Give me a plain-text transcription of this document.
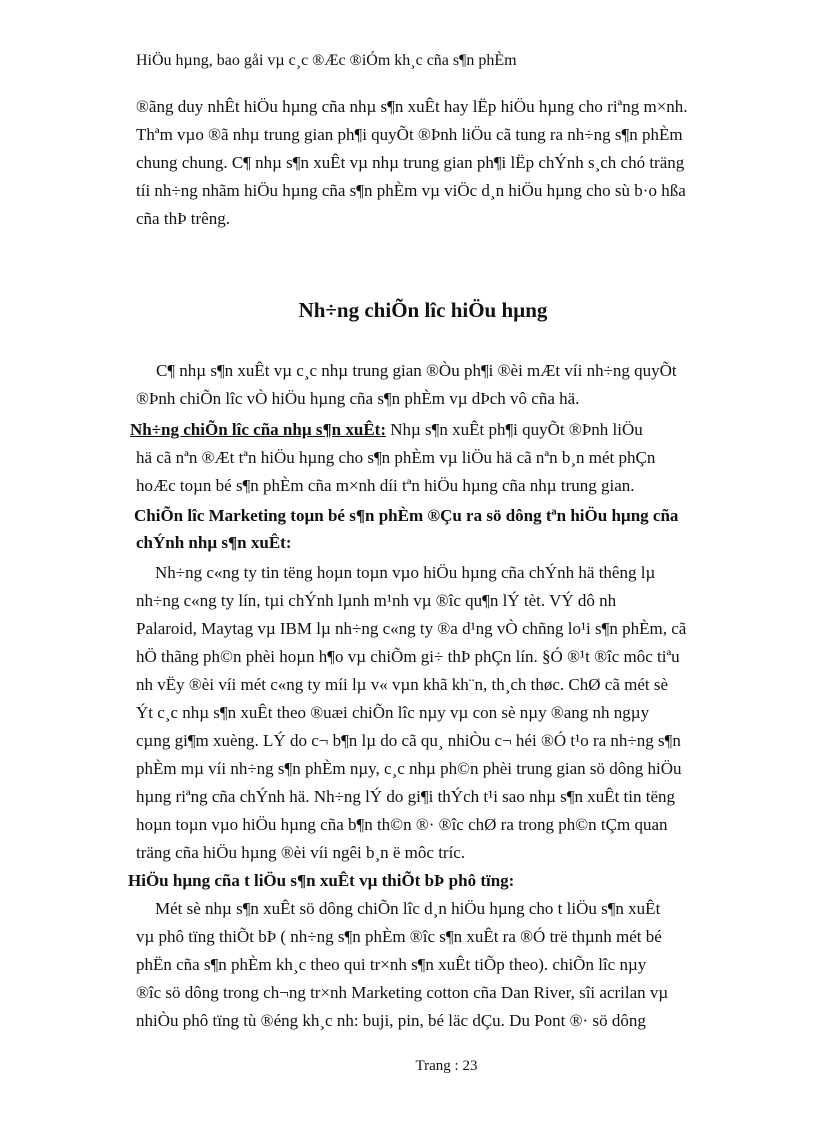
HiÖu hµng, bao gåi vµ c¸c ®Æc ®iÓm kh¸c cña s¶n phÈm
®ãng duy nhÊt hiÖu hµng cña nhµ s¶n xuÊt hay lËp hiÖu hµng cho riªng m×nh.
Thªm vµo ®ã nhµ trung gian ph¶i quyÕt ®Þnh liÖu cã tung ra nh÷ng s¶n phÈm
chung chung. C¶ nhµ s¶n xuÊt vµ nhµ trung gian ph¶i lËp chÝnh s¸ch chó träng
tíi nh÷ng nhãm hiÖu hµng cña s¶n phÈm vµ viÖc d¸n hiÖu hµng cho sù b·o hßa
cña thÞ trêng.
Nh÷ng chiÕn lîc hiÖu hµng
C¶ nhµ s¶n xuÊt vµ c¸c nhµ trung gian ®Òu ph¶i ®èi mÆt víi nh÷ng quyÕt
®Þnh chiÕn lîc vÒ hiÖu hµng cña s¶n phÈm vµ dÞch vô cña hä.
Nh÷ng chiÕn lîc cña nhµ s¶n xuÊt: Nhµ s¶n xuÊt ph¶i quyÕt ®Þnh liÖu
hä cã nªn ®Æt tªn hiÖu hµng cho s¶n phÈm vµ liÖu hä cã nªn b¸n mét phÇn
hoÆc toµn bé s¶n phÈm cña m×nh díi tªn hiÖu hµng cña nhµ trung gian.
ChiÕn lîc Marketing toµn bé s¶n phÈm ®Çu ra sö dông tªn hiÖu hµng cña
chÝnh nhµ s¶n xuÊt:
Nh÷ng c«ng ty tin tëng hoµn toµn vµo hiÖu hµng cña chÝnh hä thêng lµ
nh÷ng c«ng ty lín, tµi chÝnh lµnh m¹nh vµ ®îc qu¶n lÝ tèt. VÝ dô nh
Palaroid, Maytag vµ IBM lµ nh÷ng c«ng ty ®a d¹ng vÒ chñng lo¹i s¶n phÈm, cã
hÖ thãng ph©n phèi hoµn h¶o vµ chiÕm gi÷ thÞ phÇn lín. §Ó ®¹t ®îc môc tiªu
nh vËy ®èi víi mét c«ng ty míi lµ v« vµn khã kh¨n, th¸ch thøc. ChØ cã mét sè
Ýt c¸c nhµ s¶n xuÊt theo ®uæi chiÕn lîc nµy vµ con sè nµy ®ang nh ngµy
cµng gi¶m xuèng. LÝ do c¬ b¶n lµ do cã qu¸ nhiÒu c¬ héi ®Ó t¹o ra nh÷ng s¶n
phÈm mµ víi nh÷ng s¶n phÈm nµy, c¸c nhµ ph©n phèi trung gian sö dông hiÖu
hµng riªng cña chÝnh hä. Nh÷ng lÝ do gi¶i thÝch t¹i sao nhµ s¶n xuÊt tin tëng
hoµn toµn vµo hiÖu hµng cña b¶n th©n ®· ®îc chØ ra trong ph©n tÇm quan
träng cña hiÖu hµng ®èi víi ngêi b¸n ë môc tríc.
HiÖu hµng cña t liÖu s¶n xuÊt vµ thiÕt bÞ phô tïng:
Mét sè nhµ s¶n xuÊt sö dông chiÕn lîc d¸n hiÖu hµng cho t liÖu s¶n xuÊt
vµ phô tïng thiÕt bÞ ( nh÷ng s¶n phÈm ®îc s¶n xuÊt ra ®Ó trë thµnh mét bé
phËn cña s¶n phÈm kh¸c theo qui tr×nh s¶n xuÊt tiÕp theo). chiÕn lîc nµy
®îc sö dông trong ch¬ng tr×nh Marketing cotton cña Dan River, sîi acrilan vµ
nhiÒu phô tïng tù ®éng kh¸c nh: buji, pin, bé läc dÇu. Du Pont ®· sö dông
Trang : 23
